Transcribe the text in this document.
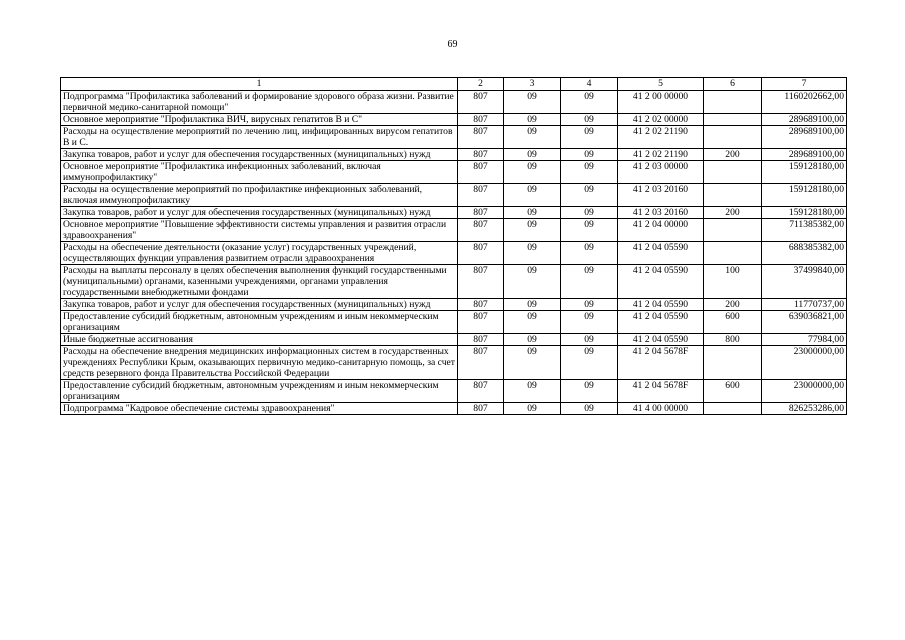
69
1	2	3	4	5	6	7
Подпрограмма "Профилактика заболеваний и формирование здорового образа жизни. Развитие первичной медико-санитарной помощи"	807	09	09	41 2 00 00000		1160202662,00
Основное мероприятие "Профилактика ВИЧ, вирусных гепатитов В и С"	807	09	09	41 2 02 00000		289689100,00
Расходы на осуществление мероприятий по лечению лиц, инфицированных вирусом гепатитов В и С.	807	09	09	41 2 02 21190		289689100,00
Закупка товаров, работ и услуг для обеспечения государственных (муниципальных) нужд	807	09	09	41 2 02 21190	200	289689100,00
Основное мероприятие "Профилактика инфекционных заболеваний, включая иммунопрофилактику"	807	09	09	41 2 03 00000		159128180,00
Расходы на осуществление мероприятий по профилактике инфекционных заболеваний, включая иммунопрофилактику	807	09	09	41 2 03 20160		159128180,00
Закупка товаров, работ и услуг для обеспечения государственных (муниципальных) нужд	807	09	09	41 2 03 20160	200	159128180,00
Основное мероприятие "Повышение эффективности системы управления и развития отрасли здравоохранения"	807	09	09	41 2 04 00000		711385382,00
Расходы на обеспечение деятельности (оказание услуг) государственных учреждений, осуществляющих функции управления развитием отрасли здравоохранения	807	09	09	41 2 04 05590		688385382,00
Расходы на выплаты персоналу в целях обеспечения выполнения функций государственными (муниципальными) органами, казенными учреждениями, органами управления государственными внебюджетными фондами	807	09	09	41 2 04 05590	100	37499840,00
Закупка товаров, работ и услуг для обеспечения государственных (муниципальных) нужд	807	09	09	41 2 04 05590	200	11770737,00
Предоставление субсидий бюджетным, автономным учреждениям и иным некоммерческим организациям	807	09	09	41 2 04 05590	600	639036821,00
Иные бюджетные ассигнования	807	09	09	41 2 04 05590	800	77984,00
Расходы на обеспечение внедрения медицинских информационных систем в государственных учреждениях Республики Крым, оказывающих первичную медико-санитарную помощь, за счет средств резервного фонда Правительства Российской Федерации	807	09	09	41 2 04 5678F		23000000,00
Предоставление субсидий бюджетным, автономным учреждениям и иным некоммерческим организациям	807	09	09	41 2 04 5678F	600	23000000,00
Подпрограмма "Кадровое обеспечение системы здравоохранения"	807	09	09	41 4 00 00000		826253286,00
